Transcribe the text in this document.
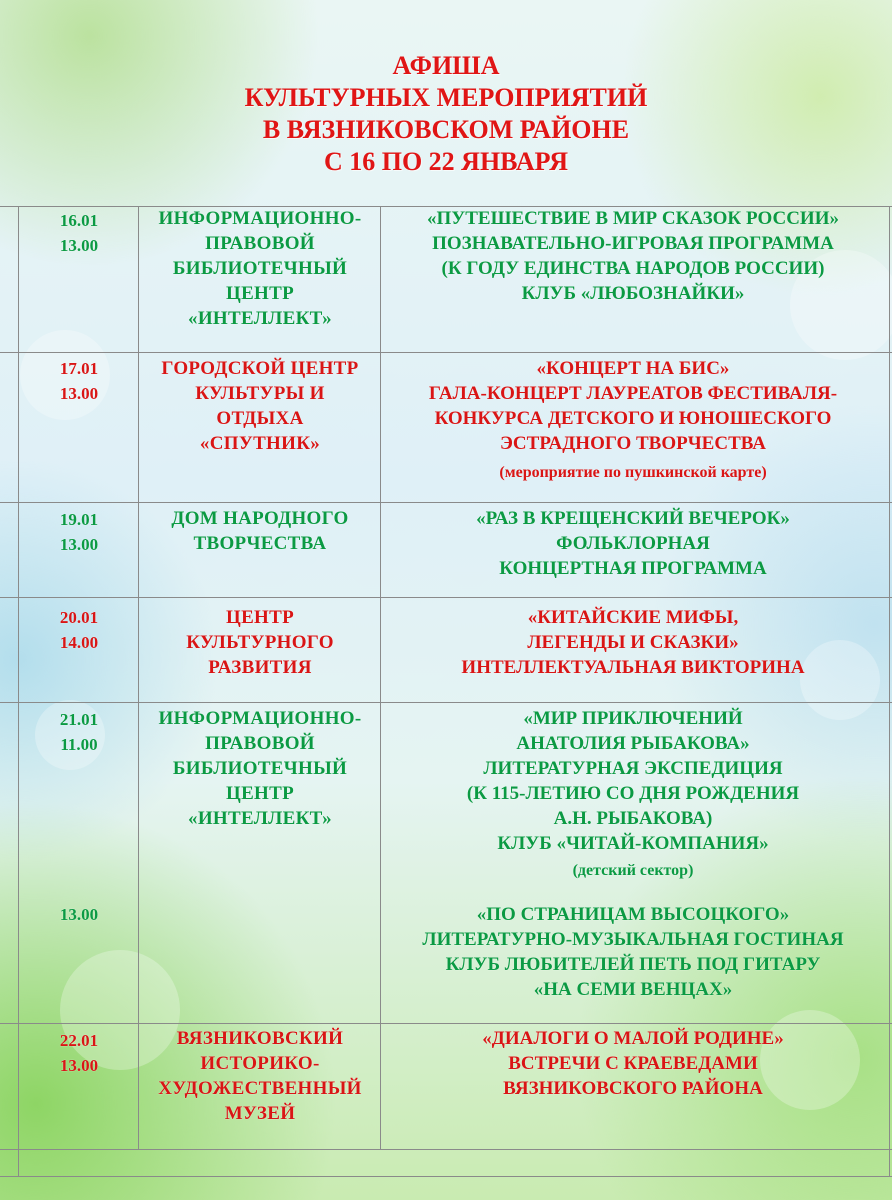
АФИША
КУЛЬТУРНЫХ МЕРОПРИЯТИЙ
В ВЯЗНИКОВСКОМ РАЙОНЕ
С 16 ПО 22 ЯНВАРЯ
16.01
13.00
ИНФОРМАЦИОННО-
ПРАВОВОЙ
БИБЛИОТЕЧНЫЙ
ЦЕНТР
«ИНТЕЛЛЕКТ»
«ПУТЕШЕСТВИЕ В МИР СКАЗОК РОССИИ»
ПОЗНАВАТЕЛЬНО-ИГРОВАЯ ПРОГРАММА
(К ГОДУ ЕДИНСТВА НАРОДОВ РОССИИ)
КЛУБ «ЛЮБОЗНАЙКИ»
17.01
13.00
ГОРОДСКОЙ ЦЕНТР
КУЛЬТУРЫ И
ОТДЫХА
«СПУТНИК»
«КОНЦЕРТ НА БИС»
ГАЛА-КОНЦЕРТ ЛАУРЕАТОВ ФЕСТИВАЛЯ-
КОНКУРСА ДЕТСКОГО И ЮНОШЕСКОГО
ЭСТРАДНОГО ТВОРЧЕСТВА
(мероприятие по пушкинской карте)
19.01
13.00
ДОМ НАРОДНОГО
ТВОРЧЕСТВА
«РАЗ В КРЕЩЕНСКИЙ ВЕЧЕРОК»
ФОЛЬКЛОРНАЯ
КОНЦЕРТНАЯ ПРОГРАММА
20.01
14.00
ЦЕНТР
КУЛЬТУРНОГО
РАЗВИТИЯ
«КИТАЙСКИЕ МИФЫ,
ЛЕГЕНДЫ И СКАЗКИ»
ИНТЕЛЛЕКТУАЛЬНАЯ ВИКТОРИНА
21.01
11.00
13.00
ИНФОРМАЦИОННО-
ПРАВОВОЙ
БИБЛИОТЕЧНЫЙ
ЦЕНТР
«ИНТЕЛЛЕКТ»
«МИР ПРИКЛЮЧЕНИЙ
АНАТОЛИЯ РЫБАКОВА»
ЛИТЕРАТУРНАЯ ЭКСПЕДИЦИЯ
(К 115-ЛЕТИЮ СО ДНЯ РОЖДЕНИЯ
А.Н. РЫБАКОВА)
КЛУБ «ЧИТАЙ-КОМПАНИЯ»
(детский сектор)
«ПО СТРАНИЦАМ ВЫСОЦКОГО»
ЛИТЕРАТУРНО-МУЗЫКАЛЬНАЯ ГОСТИНАЯ
КЛУБ ЛЮБИТЕЛЕЙ ПЕТЬ ПОД ГИТАРУ
«НА СЕМИ ВЕНЦАХ»
22.01
13.00
ВЯЗНИКОВСКИЙ
ИСТОРИКО-
ХУДОЖЕСТВЕННЫЙ
МУЗЕЙ
«ДИАЛОГИ О МАЛОЙ РОДИНЕ»
ВСТРЕЧИ С КРАЕВЕДАМИ
ВЯЗНИКОВСКОГО РАЙОНА
